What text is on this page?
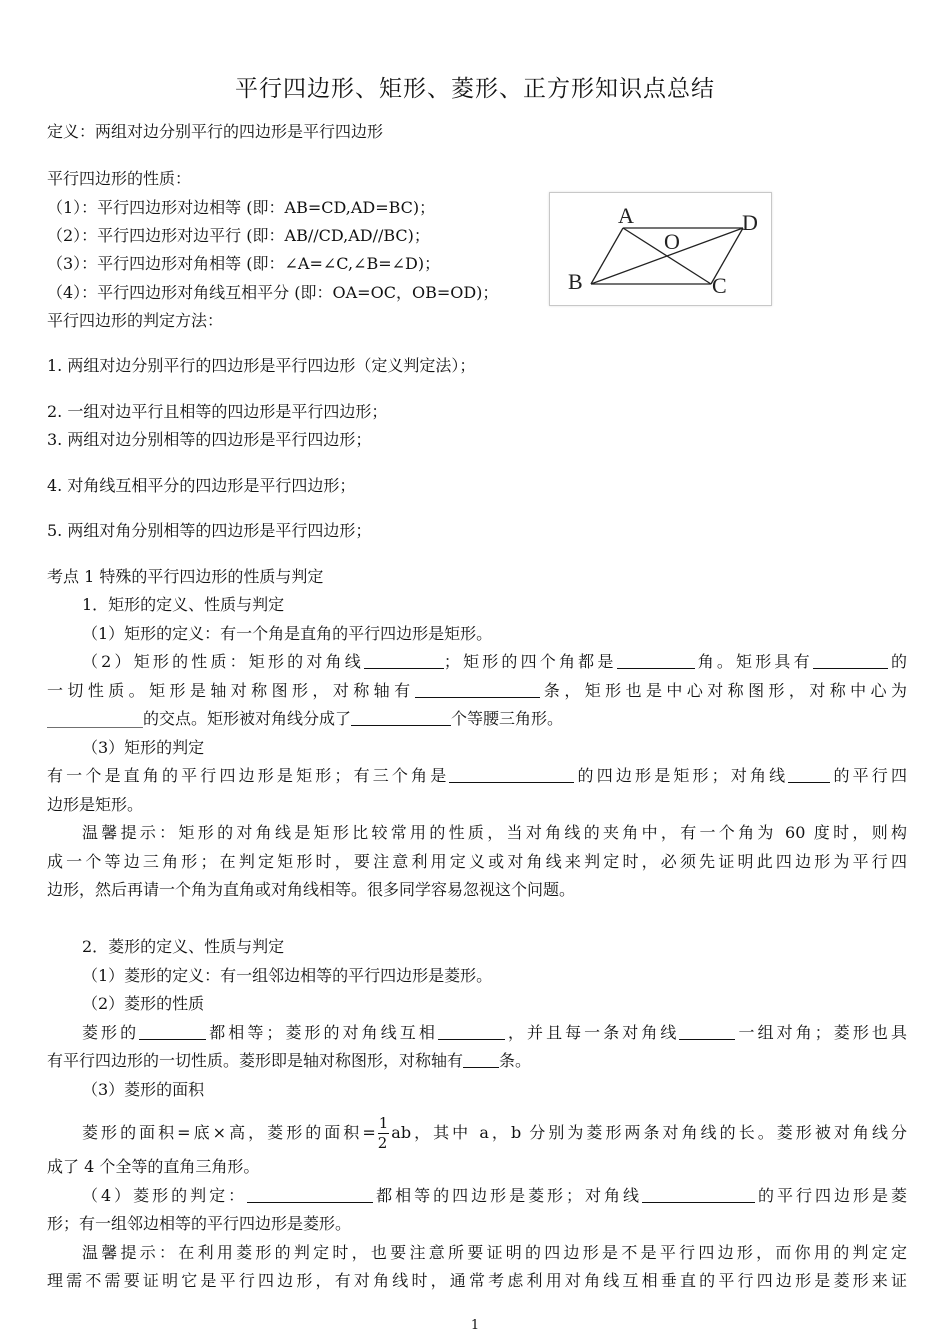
平行四边形、矩形、菱形、正方形知识点总结
定义：两组对边分别平行的四边形是平行四边形
平行四边形的性质：
（1）：平行四边形对边相等 (即：AB=CD,AD=BC)；
（2）：平行四边形对边平行 (即：AB//CD,AD//BC)；
（3）：平行四边形对角相等 (即：∠A=∠C,∠B=∠D)；
（4）：平行四边形对角线互相平分 (即：OA=OC，OB=OD)；
平行四边形的判定方法：
A	D
O
B	C
1. 两组对边分别平行的四边形是平行四边形（定义判定法）；
2. 一组对边平行且相等的四边形是平行四边形；
3. 两组对边分别相等的四边形是平行四边形；
4. 对角线互相平分的四边形是平行四边形；
5. 两组对角分别相等的四边形是平行四边形；
考点 1 特殊的平行四边形的性质与判定
1．矩形的定义、性质与判定
（1）矩形的定义：有一个角是直角的平行四边形是矩形。
（2）矩形的性质：矩形的对角线	；矩形的四个角都是	角。矩形具有	的
一切性质。矩形是轴对称图形，对称轴有	条，矩形也是中心对称图形，对称中心为
____________的交点。矩形被对角线分成了	个等腰三角形。
（3）矩形的判定
有一个是直角的平行四边形是矩形；有三个角是	的四边形是矩形；对角线	的平行四
边形是矩形。
温馨提示：矩形的对角线是矩形比较常用的性质，当对角线的夹角中，有一个角为 60 度时，则构
成一个等边三角形；在判定矩形时，要注意利用定义或对角线来判定时，必须先证明此四边形为平行四
边形，然后再请一个角为直角或对角线相等。很多同学容易忽视这个问题。
2．菱形的定义、性质与判定
（1）菱形的定义：有一组邻边相等的平行四边形是菱形。
（2）菱形的性质
菱形的	都相等；菱形的对角线互相	，并且每一条对角线	一组对角；菱形也具
有平行四边形的一切性质。菱形即是轴对称图形，对称轴有 条。
（3）菱形的面积
菱形的面积=底×高，菱形的面积= $\frac{1}{2}$ ab，其中 a，b 分别为菱形两条对角线的长。菱形被对角线分
成了 4 个全等的直角三角形。
（4）菱形的判定：	都相等的四边形是菱形；对角线	的平行四边形是菱
形；有一组邻边相等的平行四边形是菱形。
温馨提示：在利用菱形的判定时，也要注意所要证明的四边形是不是平行四边形，而你用的判定定
理需不需要证明它是平行四边形，有对角线时，通常考虑利用对角线互相垂直的平行四边形是菱形来证
1
